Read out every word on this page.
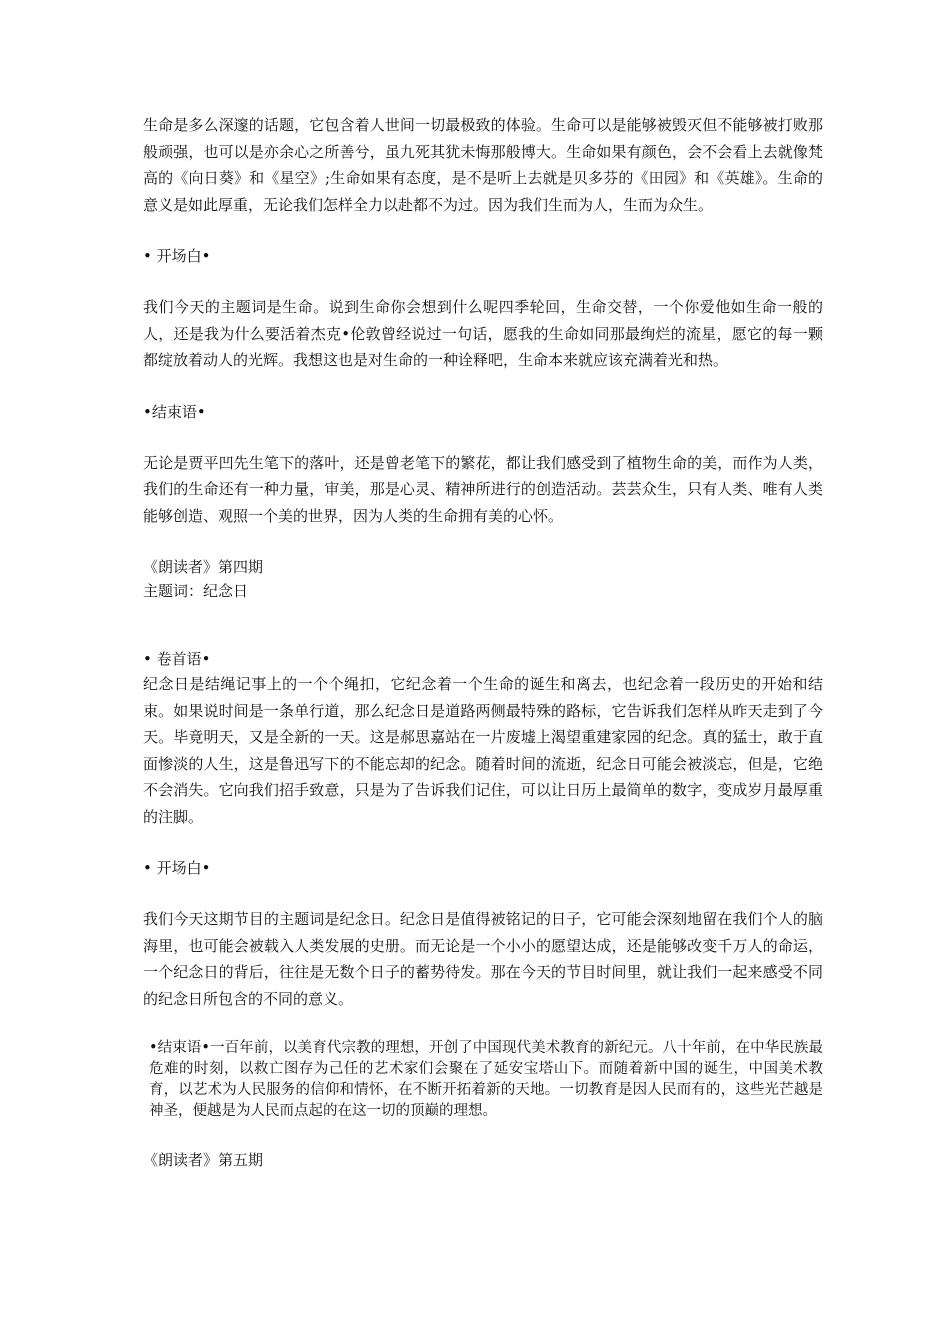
生命是多么深邃的话题，它包含着人世间一切最极致的体验。生命可以是能够被毁灭但不能够被打败那般顽强，也可以是亦余心之所善兮，虽九死其犹未悔那般博大。生命如果有颜色，会不会看上去就像梵高的《向日葵》和《星空》;生命如果有态度，是不是听上去就是贝多芬的《田园》和《英雄》。生命的意义是如此厚重，无论我们怎样全力以赴都不为过。因为我们生而为人，生而为众生。

• 开场白•

我们今天的主题词是生命。说到生命你会想到什么呢四季轮回，生命交替，一个你爱他如生命一般的人，还是我为什么要活着杰克•伦敦曾经说过一句话，愿我的生命如同那最绚烂的流星，愿它的每一颗都绽放着动人的光辉。我想这也是对生命的一种诠释吧，生命本来就应该充满着光和热。

•结束语•

无论是贾平凹先生笔下的落叶，还是曾老笔下的繁花，都让我们感受到了植物生命的美，而作为人类，我们的生命还有一种力量，审美，那是心灵、精神所进行的创造活动。芸芸众生，只有人类、唯有人类能够创造、观照一个美的世界，因为人类的生命拥有美的心怀。

《朗读者》第四期

主题词：纪念日

• 卷首语•

纪念日是结绳记事上的一个个绳扣，它纪念着一个生命的诞生和离去，也纪念着一段历史的开始和结束。如果说时间是一条单行道，那么纪念日是道路两侧最特殊的路标，它告诉我们怎样从昨天走到了今天。毕竟明天，又是全新的一天。这是郝思嘉站在一片废墟上渴望重建家园的纪念。真的猛士，敢于直面惨淡的人生，这是鲁迅写下的不能忘却的纪念。随着时间的流逝，纪念日可能会被淡忘，但是，它绝不会消失。它向我们招手致意，只是为了告诉我们记住，可以让日历上最简单的数字，变成岁月最厚重的注脚。

• 开场白•

我们今天这期节目的主题词是纪念日。纪念日是值得被铭记的日子，它可能会深刻地留在我们个人的脑海里，也可能会被载入人类发展的史册。而无论是一个小小的愿望达成，还是能够改变千万人的命运，一个纪念日的背后，往往是无数个日子的蓄势待发。那在今天的节目时间里，就让我们一起来感受不同的纪念日所包含的不同的意义。

•结束语•一百年前，以美育代宗教的理想，开创了中国现代美术教育的新纪元。八十年前，在中华民族最危难的时刻，以救亡图存为己任的艺术家们会聚在了延安宝塔山下。而随着新中国的诞生，中国美术教育，以艺术为人民服务的信仰和情怀，在不断开拓着新的天地。一切教育是因人民而有的，这些光芒越是神圣，便越是为人民而点起的在这一切的顶巅的理想。

《朗读者》第五期
